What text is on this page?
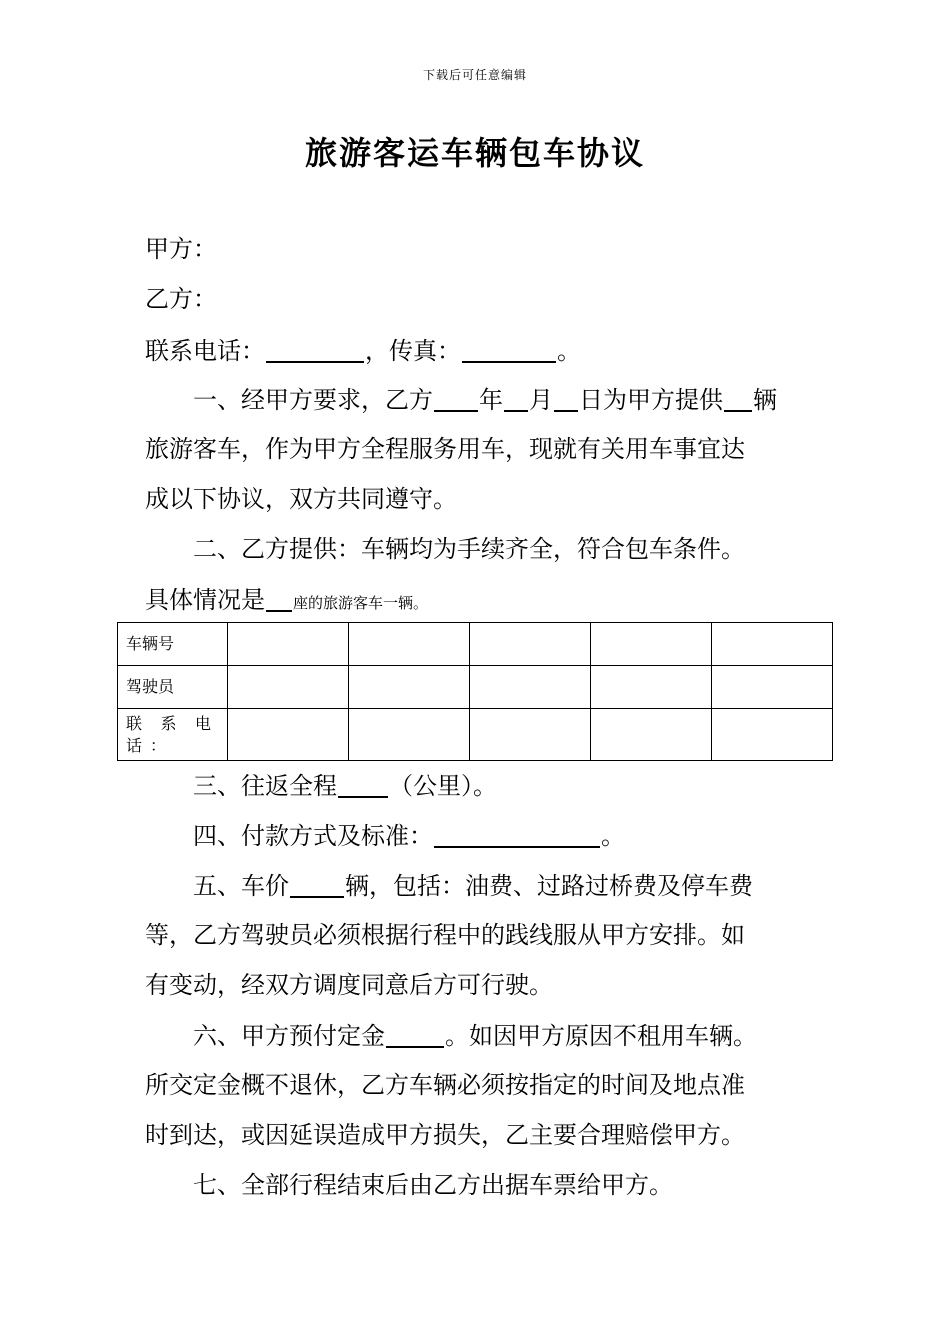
下载后可任意编辑
旅游客运车辆包车协议
甲方：
乙方：
联系电话：	，传真：	。
一、经甲方要求，乙方 年 月 日为甲方提供 辆
旅游客车，作为甲方全程服务用车，现就有关用车事宜达
成以下协议，双方共同遵守。
二、乙方提供：车辆均为手续齐全，符合包车条件。
具体情况是 座的旅游客车一辆。
车辆号					
驾驶员					
联系电话：					
三、往返全程 （公里）。
四、付款方式及标准：	。
五、车价 辆，包括：油费、过路过桥费及停车费
等，乙方驾驶员必须根据行程中的践线服从甲方安排。如
有变动，经双方调度同意后方可行驶。
六、甲方预付定金	。如因甲方原因不租用车辆。
所交定金概不退休，乙方车辆必须按指定的时间及地点准
时到达，或因延误造成甲方损失，乙主要合理赔偿甲方。
七、全部行程结束后由乙方出据车票给甲方。
